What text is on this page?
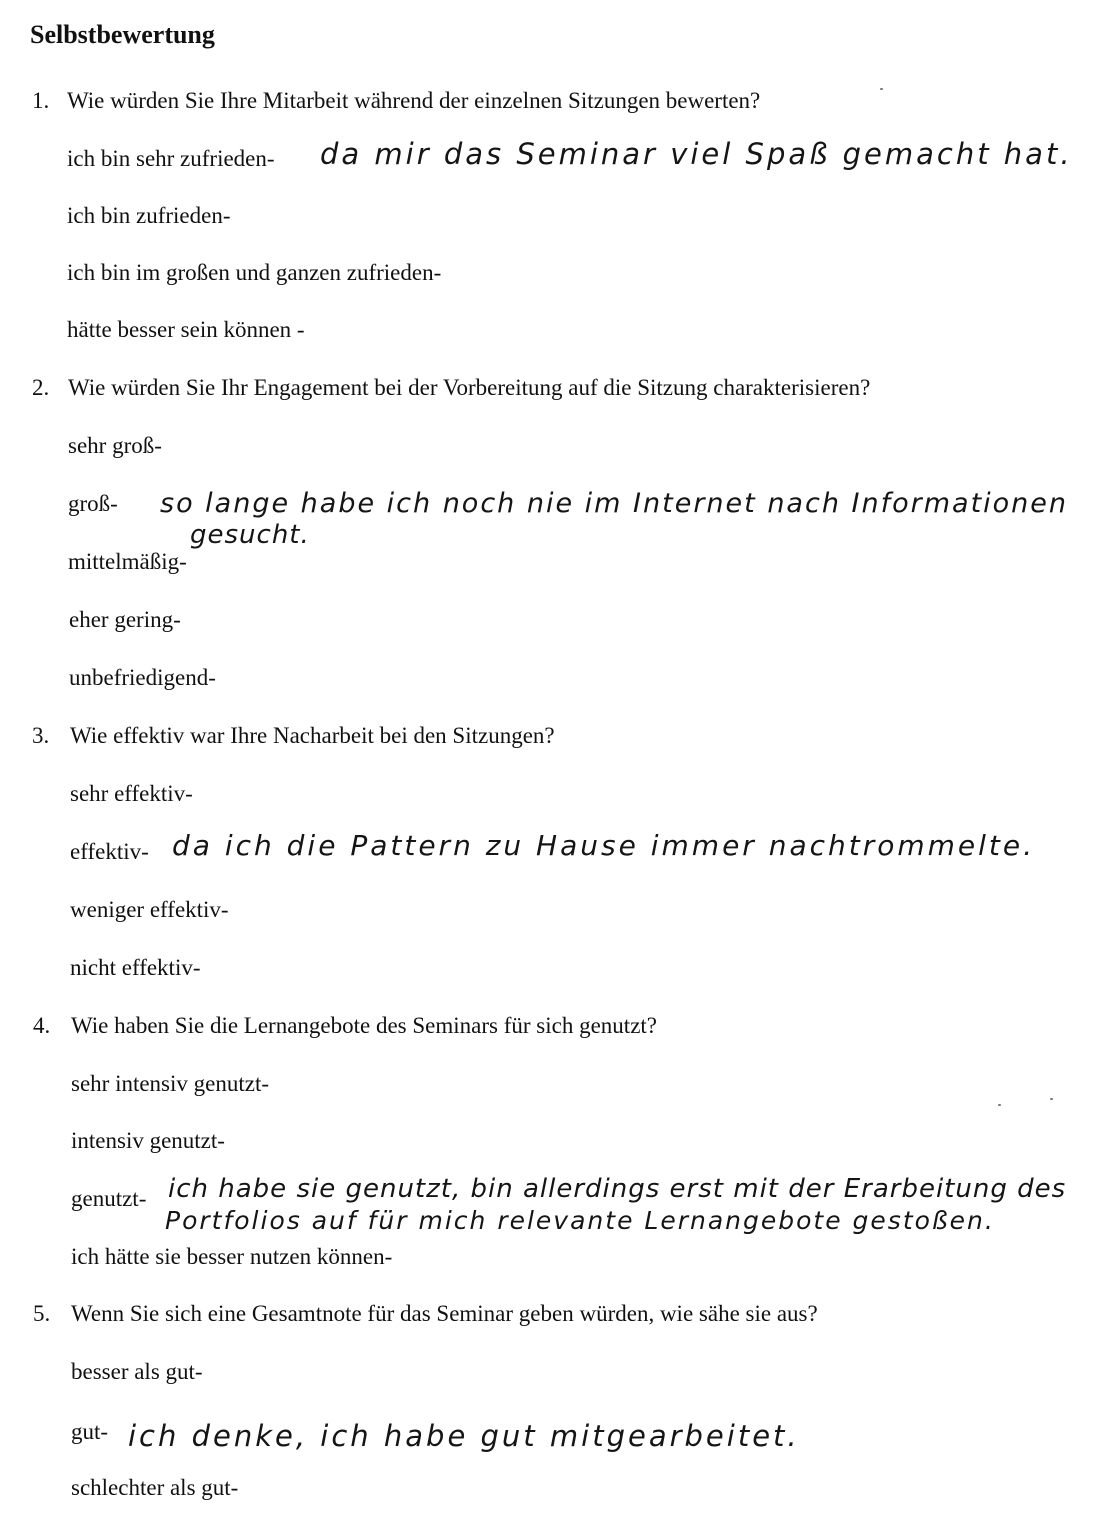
Selbstbewertung
1. Wie würden Sie Ihre Mitarbeit während der einzelnen Sitzungen bewerten?
ich bin sehr zufrieden- da mir das Seminar viel Spaß gemacht hat.
ich bin zufrieden-
ich bin im großen und ganzen zufrieden-
hätte besser sein können -
2. Wie würden Sie Ihr Engagement bei der Vorbereitung auf die Sitzung charakterisieren?
sehr groß-
groß- so lange habe ich noch nie im Internet nach Informationen
gesucht.
mittelmäßig-
eher gering-
unbefriedigend-
3. Wie effektiv war Ihre Nacharbeit bei den Sitzungen?
sehr effektiv-
effektiv- da ich die Pattern zu Hause immer nachtrommelte.
weniger effektiv-
nicht effektiv-
4. Wie haben Sie die Lernangebote des Seminars für sich genutzt?
sehr intensiv genutzt-
intensiv genutzt-
genutzt- ich habe sie genutzt, bin allerdings erst mit der Erarbeitung des
Portfolios auf für mich relevante Lernangebote gestoßen.
ich hätte sie besser nutzen können-
5. Wenn Sie sich eine Gesamtnote für das Seminar geben würden, wie sähe sie aus?
besser als gut-
gut- ich denke, ich habe gut mitgearbeitet.
schlechter als gut-
